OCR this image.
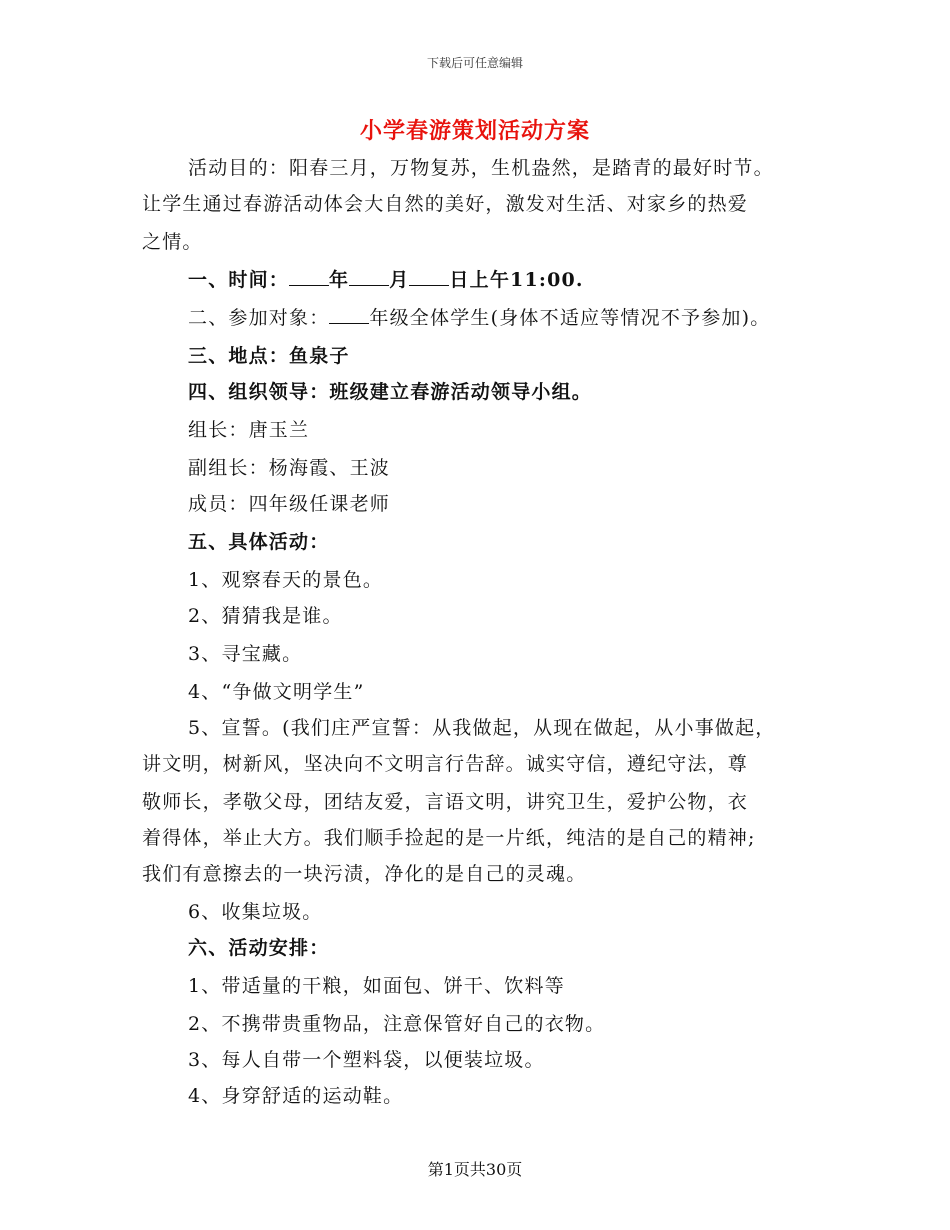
下载后可任意编辑
小学春游策划活动方案
活动目的：阳春三月，万物复苏，生机盎然，是踏青的最好时节。
让学生通过春游活动体会大自然的美好，激发对生活、对家乡的热爱
之情。
一、时间： 年 月 日上午11:00.
二、参加对象： 年级全体学生(身体不适应等情况不予参加)。
三、地点：鱼泉子
四、组织领导：班级建立春游活动领导小组。
组长：唐玉兰
副组长：杨海霞、王波
成员：四年级任课老师
五、具体活动：
1、观察春天的景色。
2、猜猜我是谁。
3、寻宝藏。
4、“争做文明学生”
5、宣誓。(我们庄严宣誓：从我做起，从现在做起，从小事做起，
讲文明，树新风，坚决向不文明言行告辞。诚实守信，遵纪守法，尊
敬师长，孝敬父母，团结友爱，言语文明，讲究卫生，爱护公物，衣
着得体，举止大方。我们顺手捡起的是一片纸，纯洁的是自己的精神;
我们有意擦去的一块污渍，净化的是自己的灵魂。
6、收集垃圾。
六、活动安排：
1、带适量的干粮，如面包、饼干、饮料等
2、不携带贵重物品，注意保管好自己的衣物。
3、每人自带一个塑料袋，以便装垃圾。
4、身穿舒适的运动鞋。
第1页共30页
